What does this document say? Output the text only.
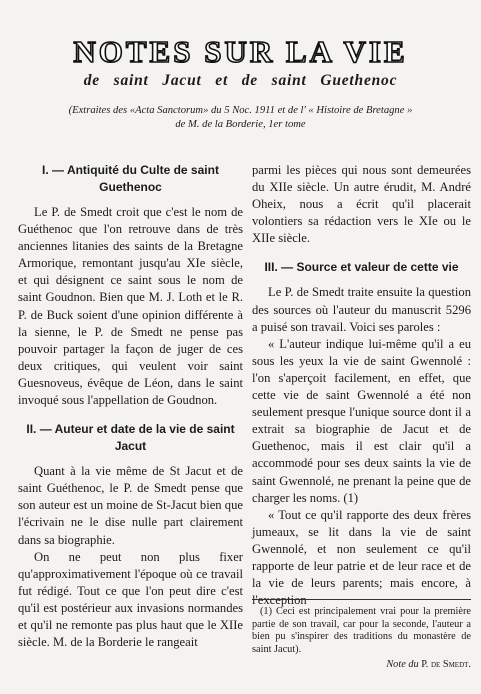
NOTES SUR LA VIE
de saint Jacut et de saint Guethenoc
(Extraites des «Acta Sanctorum» du 5 Noc. 1911 et de l' « Histoire de Bretagne »
de M. de la Borderie, 1er tome
I. — Antiquité du Culte de saint Guethenoc

Le P. de Smedt croit que c'est le nom de Guéthenoc que l'on retrouve dans de très anciennes litanies des saints de la Bretagne Armorique, remontant jusqu'au XIe siècle, et qui désignent ce saint sous le nom de saint Goudnon. Bien que M. J. Loth et le R. P. de Buck soient d'une opinion différente à la sienne, le P. de Smedt ne pense pas pouvoir partager la façon de juger de ces deux critiques, qui veulent voir saint Guesnoveus, évêque de Léon, dans le saint invoqué sous l'appellation de Goudnon.

II. — Auteur et date de la vie de saint Jacut

Quant à la vie même de St Jacut et de saint Guéthenoc, le P. de Smedt pense que son auteur est un moine de St-Jacut bien que l'écrivain ne le dise nulle part clairement dans sa biographie.

On ne peut non plus fixer qu'approximativement l'époque où ce travail fut rédigé. Tout ce que l'on peut dire c'est qu'il est postérieur aux invasions normandes et qu'il ne remonte pas plus haut que le XIIe siècle. M. de la Borderie le rangeait

parmi les pièces qui nous sont demeurées du XIIe siècle. Un autre érudit, M. André Oheix, nous a écrit qu'il placerait volontiers sa rédaction vers le XIe ou le XIIe siècle.

III. — Source et valeur de cette vie

Le P. de Smedt traite ensuite la question des sources où l'auteur du manuscrit 5296 a puisé son travail. Voici ses paroles :

« L'auteur indique lui-même qu'il a eu sous les yeux la vie de saint Gwennolé : l'on s'aperçoit facilement, en effet, que cette vie de saint Gwennolé a été non seulement presque l'unique source dont il a extrait sa biographie de Jacut et de Guethenoc, mais il est clair qu'il a accommodé pour ses deux saints la vie de saint Gwennolé, ne prenant la peine que de charger les noms. (1)

« Tout ce qu'il rapporte des deux frères jumeaux, se lit dans la vie de saint Gwennolé, et non seulement ce qu'il rapporte de leur patrie et de leur race et de la vie de leurs parents; mais encore, à l'exception

(1) Ceci est principalement vrai pour la première partie de son travail, car pour la seconde, l'auteur a bien pu s'inspirer des traditions du monastère de saint Jacut).

Note du P. de Smedt.
